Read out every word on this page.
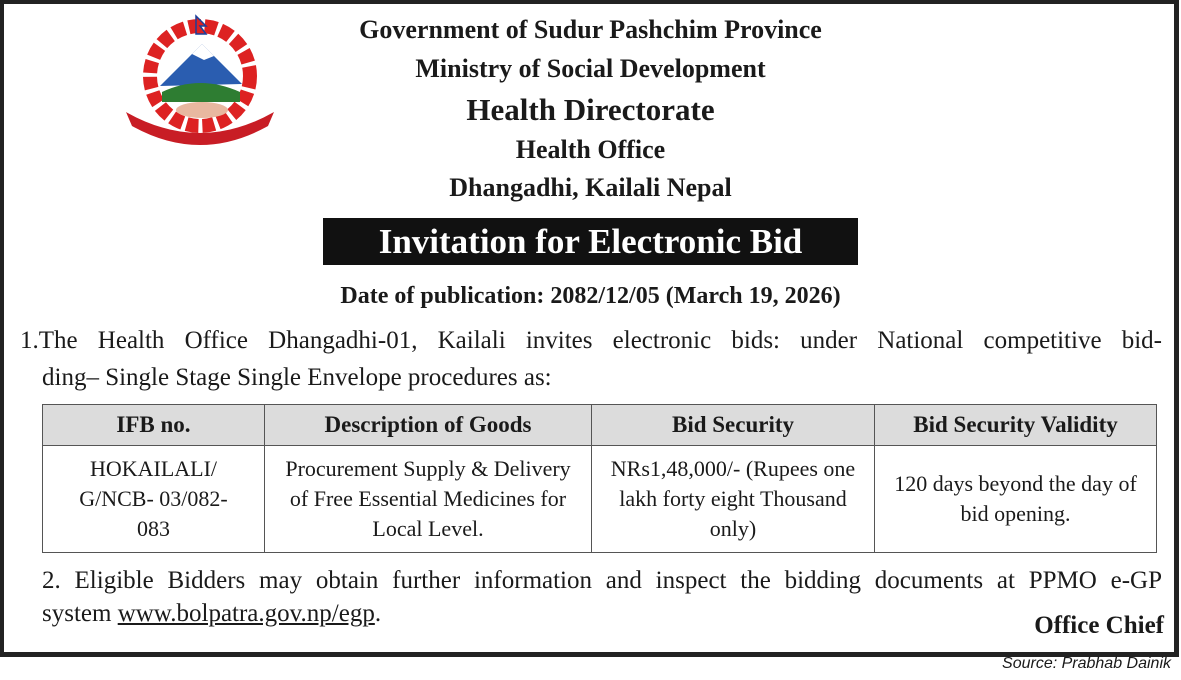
Government of Sudur Pashchim Province
Ministry of Social Development
Health Directorate
Health Office
Dhangadhi, Kailali Nepal
Invitation for Electronic Bid
Date of publication: 2082/12/05 (March 19, 2026)
1.The Health Office Dhangadhi-01, Kailali invites electronic bids: under National competitive bid-
ding– Single Stage Single Envelope procedures as:
IFB no.	Description of Goods	Bid Security	Bid Security Validity
HOKAILALI/ G/NCB- 03/082-083	Procurement Supply & Delivery of Free Essential Medicines for Local Level.	NRs1,48,000/- (Rupees one lakh forty eight Thousand only)	120 days beyond the day of bid opening.
2. Eligible Bidders may obtain further information and inspect the bidding documents at PPMO e-GP
system www.bolpatra.gov.np/egp.	Office Chief
Source: Prabhab Dainik
